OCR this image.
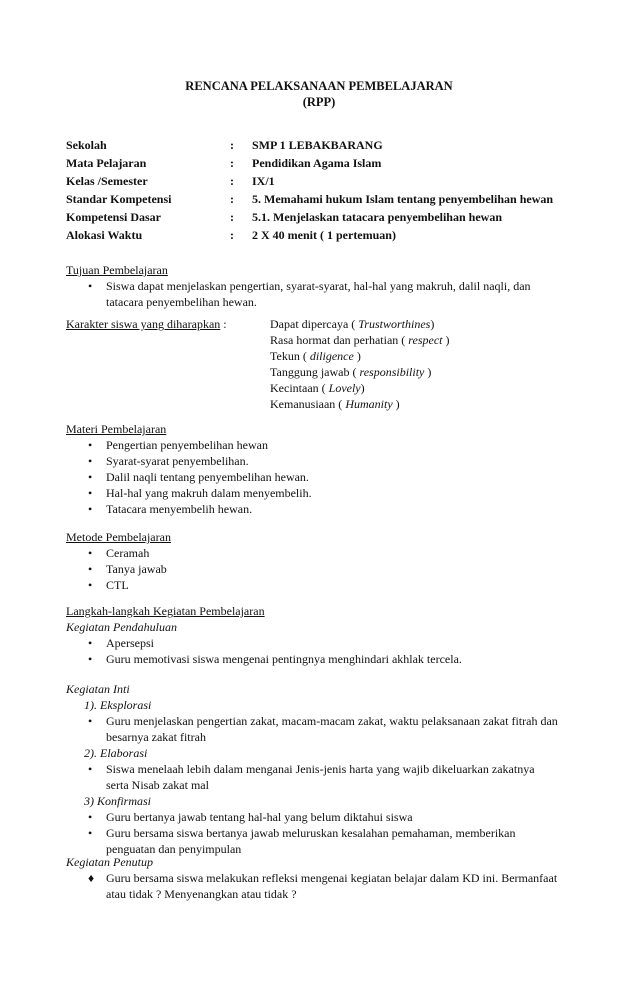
RENCANA PELAKSANAAN PEMBELAJARAN
(RPP)
Sekolah	:	SMP 1 LEBAKBARANG
Mata Pelajaran	:	Pendidikan Agama Islam
Kelas /Semester	:	IX/1
Standar Kompetensi	:	5. Memahami hukum Islam tentang penyembelihan hewan
Kompetensi Dasar	:	5.1. Menjelaskan tatacara penyembelihan hewan
Alokasi Waktu	:	2 X 40 menit ( 1 pertemuan)
Tujuan Pembelajaran
• Siswa dapat menjelaskan pengertian, syarat-syarat, hal-hal yang makruh, dalil naqli, dan
tatacara penyembelihan hewan.
Karakter siswa yang diharapkan :	Dapat dipercaya ( Trustworthines)
Rasa hormat dan perhatian ( respect )
Tekun ( diligence )
Tanggung jawab ( responsibility )
Kecintaan ( Lovely)
Kemanusiaan ( Humanity )
Materi Pembelajaran
• Pengertian penyembelihan hewan
• Syarat-syarat penyembelihan.
• Dalil naqli tentang penyembelihan hewan.
• Hal-hal yang makruh dalam menyembelih.
• Tatacara menyembelih hewan.
Metode Pembelajaran
• Ceramah
• Tanya jawab
• CTL
Langkah-langkah Kegiatan Pembelajaran
Kegiatan Pendahuluan
• Apersepsi
• Guru memotivasi siswa mengenai pentingnya menghindari akhlak tercela.
Kegiatan Inti
1). Eksplorasi
• Guru menjelaskan pengertian zakat, macam-macam zakat, waktu pelaksanaan zakat fitrah dan
besarnya zakat fitrah
2). Elaborasi
• Siswa menelaah lebih dalam menganai Jenis-jenis harta yang wajib dikeluarkan zakatnya
serta Nisab zakat mal
3) Konfirmasi
• Guru bertanya jawab tentang hal-hal yang belum diktahui siswa
• Guru bersama siswa bertanya jawab meluruskan kesalahan pemahaman, memberikan
penguatan dan penyimpulan
Kegiatan Penutup
♦ Guru bersama siswa melakukan refleksi mengenai kegiatan belajar dalam KD ini. Bermanfaat
atau tidak ? Menyenangkan atau tidak ?
